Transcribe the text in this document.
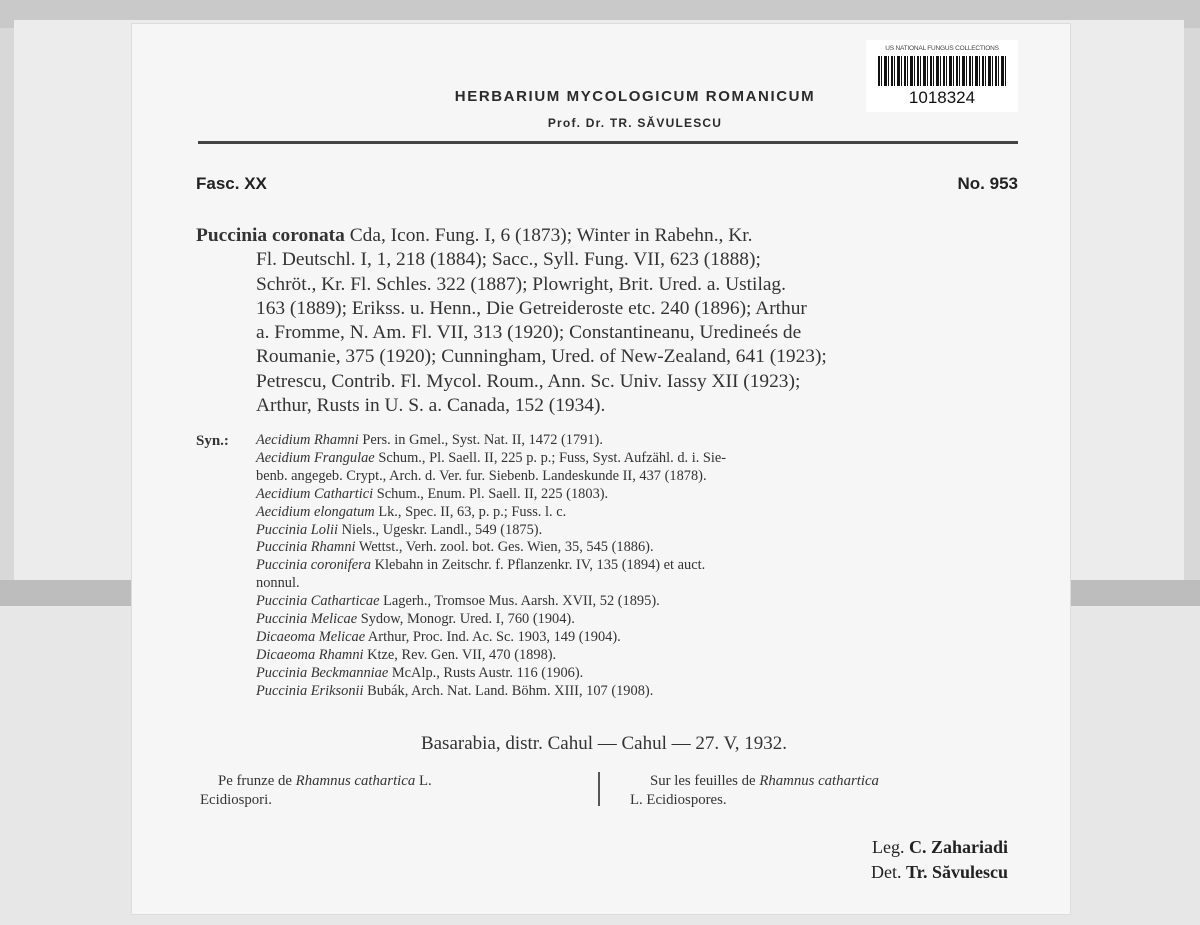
US NATIONAL FUNGUS COLLECTIONS
1018324
HERBARIUM MYCOLOGICUM ROMANICUM
Prof. Dr. TR. SĂVULESCU
Fasc. XX	No. 953
Puccinia coronata Cda, Icon. Fung. I, 6 (1873); Winter in Rabehn., Kr.
Fl. Deutschl. I, 1, 218 (1884); Sacc., Syll. Fung. VII, 623 (1888);
Schröt., Kr. Fl. Schles. 322 (1887); Plowright, Brit. Ured. a. Ustilag.
163 (1889); Erikss. u. Henn., Die Getreideroste etc. 240 (1896); Arthur
a. Fromme, N. Am. Fl. VII, 313 (1920); Constantineanu, Uredineés de
Roumanie, 375 (1920); Cunningham, Ured. of New-Zealand, 641 (1923);
Petrescu, Contrib. Fl. Mycol. Roum., Ann. Sc. Univ. Iassy XII (1923);
Arthur, Rusts in U. S. a. Canada, 152 (1934).
Syn.: Aecidium Rhamni Pers. in Gmel., Syst. Nat. II, 1472 (1791).
Aecidium Frangulae Schum., Pl. Saell. II, 225 p. p.; Fuss, Syst. Aufzähl. d. i. Sie-
benb. angegeb. Crypt., Arch. d. Ver. fur. Siebenb. Landeskunde II, 437 (1878).
Aecidium Cathartici Schum., Enum. Pl. Saell. II, 225 (1803).
Aecidium elongatum Lk., Spec. II, 63, p. p.; Fuss. l. c.
Puccinia Lolii Niels., Ugeskr. Landl., 549 (1875).
Puccinia Rhamni Wettst., Verh. zool. bot. Ges. Wien, 35, 545 (1886).
Puccinia coronifera Klebahn in Zeitschr. f. Pflanzenkr. IV, 135 (1894) et auct.
nonnul.
Puccinia Catharticae Lagerh., Tromsoe Mus. Aarsh. XVII, 52 (1895).
Puccinia Melicae Sydow, Monogr. Ured. I, 760 (1904).
Dicaeoma Melicae Arthur, Proc. Ind. Ac. Sc. 1903, 149 (1904).
Dicaeoma Rhamni Ktze, Rev. Gen. VII, 470 (1898).
Puccinia Beckmanniae McAlp., Rusts Austr. 116 (1906).
Puccinia Eriksonii Bubák, Arch. Nat. Land. Böhm. XIII, 107 (1908).
Basarabia, distr. Cahul — Cahul — 27. V, 1932.
Pe frunze de Rhamnus cathartica L.
Ecidiospori.
Sur les feuilles de Rhamnus cathartica
L. Ecidiospores.
Leg. C. Zahariadi
Det. Tr. Săvulescu
